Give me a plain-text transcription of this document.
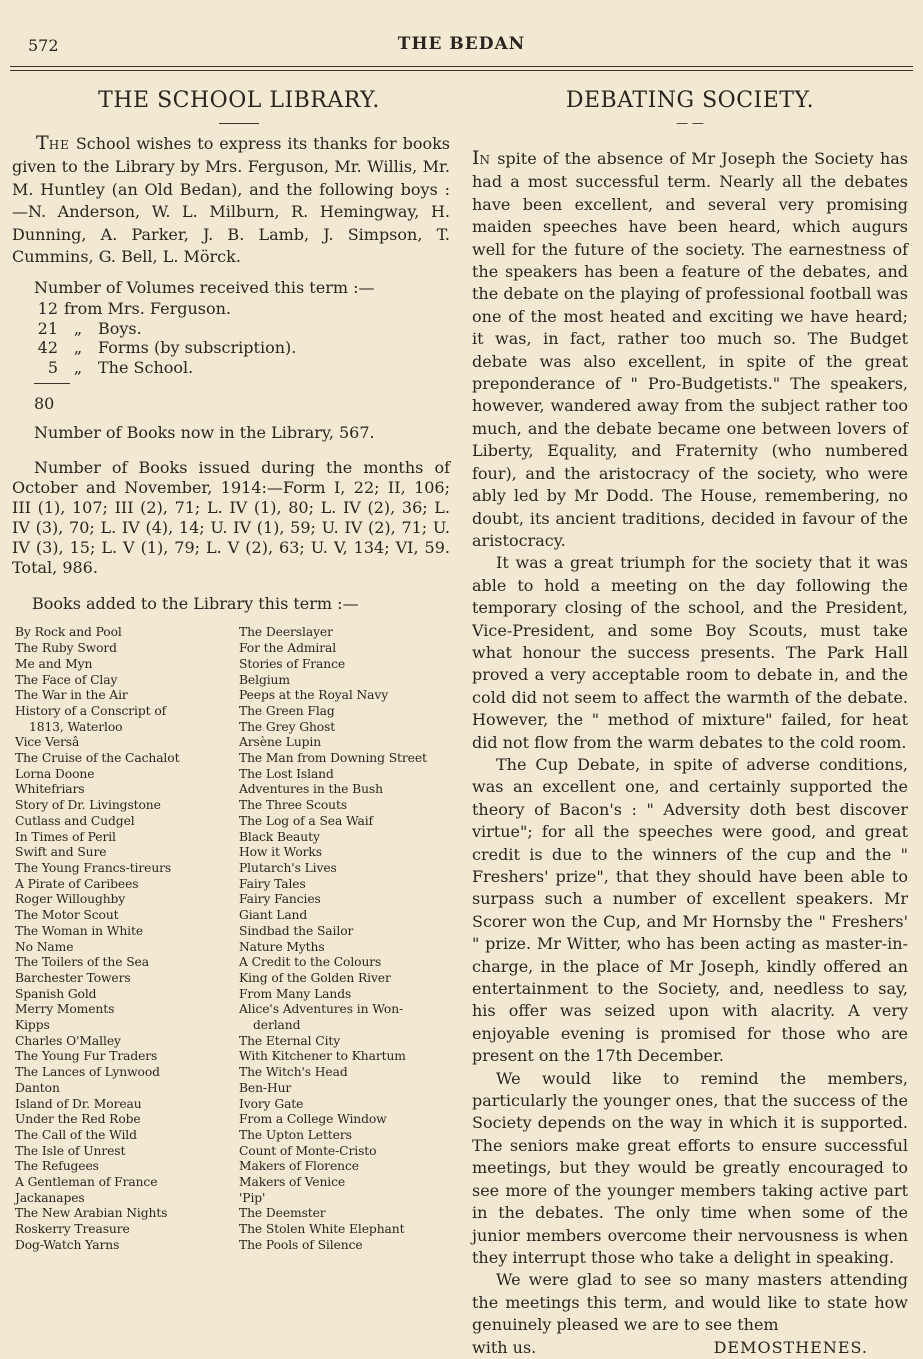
572	THE BEDAN
THE SCHOOL LIBRARY.

THE School wishes to express its thanks for books given to the Library by Mrs. Ferguson, Mr. Willis, Mr. M. Huntley (an Old Bedan), and the following boys :—N. Anderson, W. L. Milburn, R. Hemingway, H. Dunning, A. Parker, J. B. Lamb, J. Simpson, T. Cummins, G. Bell, L. Mörck.

Number of Volumes received this term :—
12 from Mrs. Ferguson.
21 „ Boys.
42 „ Forms (by subscription).
5 „ The School.
80
Number of Books now in the Library, 567.

Number of Books issued during the months of October and November, 1914:—Form I, 22; II, 106; III (1), 107; III (2), 71; L. IV (1), 80; L. IV (2), 36; L. IV (3), 70; L. IV (4), 14; U. IV (1), 59; U. IV (2), 71; U. IV (3), 15; L. V (1), 79; L. V (2), 63; U. V, 134; VI, 59. Total, 986.

Books added to the Library this term :—
By Rock and Pool
The Ruby Sword
Me and Myn
The Face of Clay
The War in the Air
History of a Conscript of
1813, Waterloo
Vice Versâ
The Cruise of the Cachalot
Lorna Doone
Whitefriars
Story of Dr. Livingstone
Cutlass and Cudgel
In Times of Peril
Swift and Sure
The Young Francs-tireurs
A Pirate of Caribees
Roger Willoughby
The Motor Scout
The Woman in White
No Name
The Toilers of the Sea
Barchester Towers
Spanish Gold
Merry Moments
Kipps
Charles O'Malley
The Young Fur Traders
The Lances of Lynwood
Danton
Island of Dr. Moreau
Under the Red Robe
The Call of the Wild
The Isle of Unrest
The Refugees
A Gentleman of France
Jackanapes
The New Arabian Nights
Roskerry Treasure
Dog-Watch Yarns
The Deerslayer
For the Admiral
Stories of France
Belgium
Peeps at the Royal Navy
The Green Flag
The Grey Ghost
Arsène Lupin
The Man from Downing Street
The Lost Island
Adventures in the Bush
The Three Scouts
The Log of a Sea Waif
Black Beauty
How it Works
Plutarch's Lives
Fairy Tales
Fairy Fancies
Giant Land
Sindbad the Sailor
Nature Myths
A Credit to the Colours
King of the Golden River
From Many Lands
Alice's Adventures in Won-
derland
The Eternal City
With Kitchener to Khartum
The Witch's Head
Ben-Hur
Ivory Gate
From a College Window
The Upton Letters
Count of Monte-Cristo
Makers of Florence
Makers of Venice
'Pip'
The Deemster
The Stolen White Elephant
The Pools of Silence
DEBATING SOCIETY.
— —

IN spite of the absence of Mr Joseph the Society has had a most successful term. Nearly all the debates have been excellent, and several very promising maiden speeches have been heard, which augurs well for the future of the society. The earnestness of the speakers has been a feature of the debates, and the debate on the playing of professional football was one of the most heated and exciting we have heard; it was, in fact, rather too much so. The Budget debate was also excellent, in spite of the great preponderance of " Pro-Budgetists." The speakers, however, wandered away from the subject rather too much, and the debate became one between lovers of Liberty, Equality, and Fraternity (who numbered four), and the aristocracy of the society, who were ably led by Mr Dodd. The House, remembering, no doubt, its ancient traditions, decided in favour of the aristocracy.

It was a great triumph for the society that it was able to hold a meeting on the day following the temporary closing of the school, and the President, Vice-President, and some Boy Scouts, must take what honour the success presents. The Park Hall proved a very acceptable room to debate in, and the cold did not seem to affect the warmth of the debate. However, the " method of mixture" failed, for heat did not flow from the warm debates to the cold room.

The Cup Debate, in spite of adverse conditions, was an excellent one, and certainly supported the theory of Bacon's : " Adversity doth best discover virtue"; for all the speeches were good, and great credit is due to the winners of the cup and the " Freshers' prize", that they should have been able to surpass such a number of excellent speakers. Mr Scorer won the Cup, and Mr Hornsby the " Freshers' " prize. Mr Witter, who has been acting as master-in-charge, in the place of Mr Joseph, kindly offered an entertainment to the Society, and, needless to say, his offer was seized upon with alacrity. A very enjoyable evening is promised for those who are present on the 17th December.

We would like to remind the members, particularly the younger ones, that the success of the Society depends on the way in which it is supported. The seniors make great efforts to ensure successful meetings, but they would be greatly encouraged to see more of the younger members taking active part in the debates. The only time when some of the junior members overcome their nervousness is when they interrupt those who take a delight in speaking.

We were glad to see so many masters attending the meetings this term, and would like to state how genuinely pleased we are to see them

with us.	DEMOSTHENES.
